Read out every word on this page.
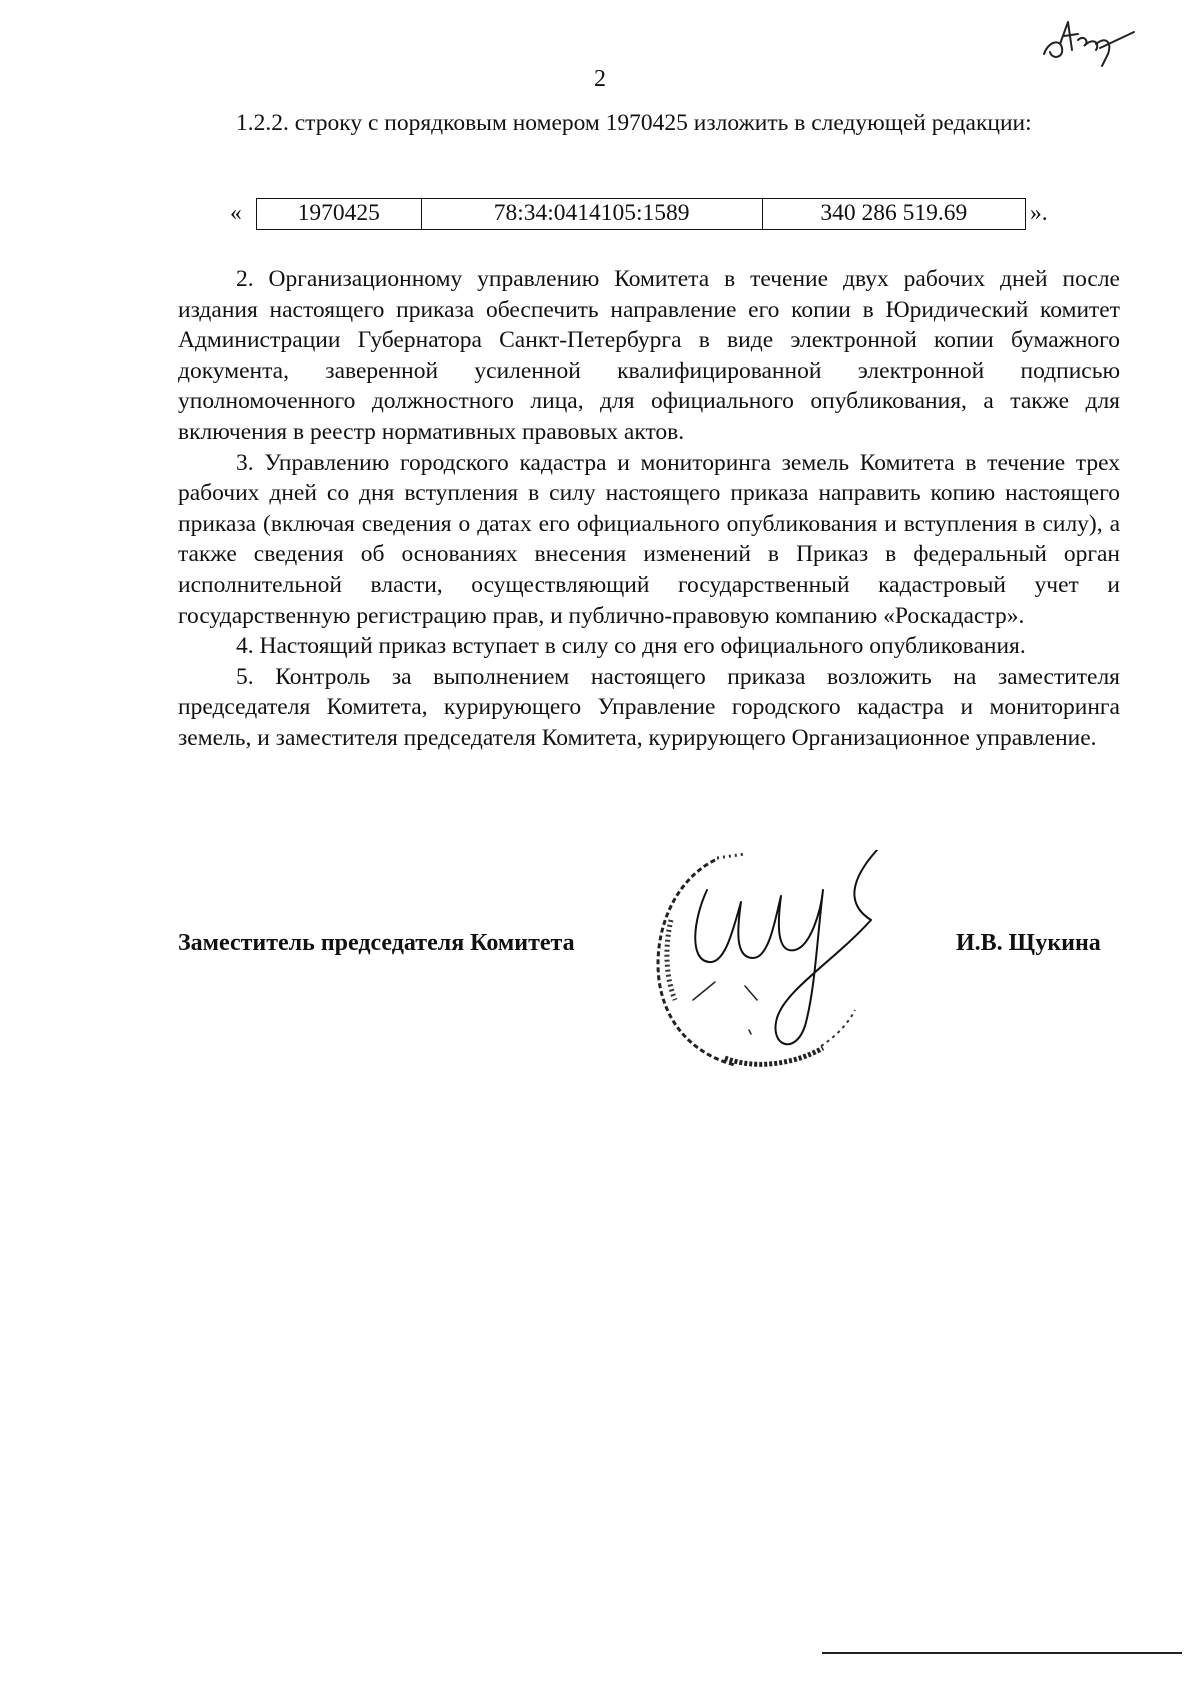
2

1.2.2. строку с порядковым номером 1970425 изложить в следующей редакции:

«	1970425	78:34:0414105:1589	340 286 519.69	».

2. Организационному управлению Комитета в течение двух рабочих дней после издания настоящего приказа обеспечить направление его копии в Юридический комитет Администрации Губернатора Санкт-Петербурга в виде электронной копии бумажного документа, заверенной усиленной квалифицированной электронной подписью уполномоченного должностного лица, для официального опубликования, а также для включения в реестр нормативных правовых актов.

3. Управлению городского кадастра и мониторинга земель Комитета в течение трех рабочих дней со дня вступления в силу настоящего приказа направить копию настоящего приказа (включая сведения о датах его официального опубликования и вступления в силу), а также сведения об основаниях внесения изменений в Приказ в федеральный орган исполнительной власти, осуществляющий государственный кадастровый учет и государственную регистрацию прав, и публично-правовую компанию «Роскадастр».

4. Настоящий приказ вступает в силу со дня его официального опубликования.

5. Контроль за выполнением настоящего приказа возложить на заместителя председателя Комитета, курирующего Управление городского кадастра и мониторинга земель, и заместителя председателя Комитета, курирующего Организационное управление.

Заместитель председателя Комитета	И.В. Щукина
